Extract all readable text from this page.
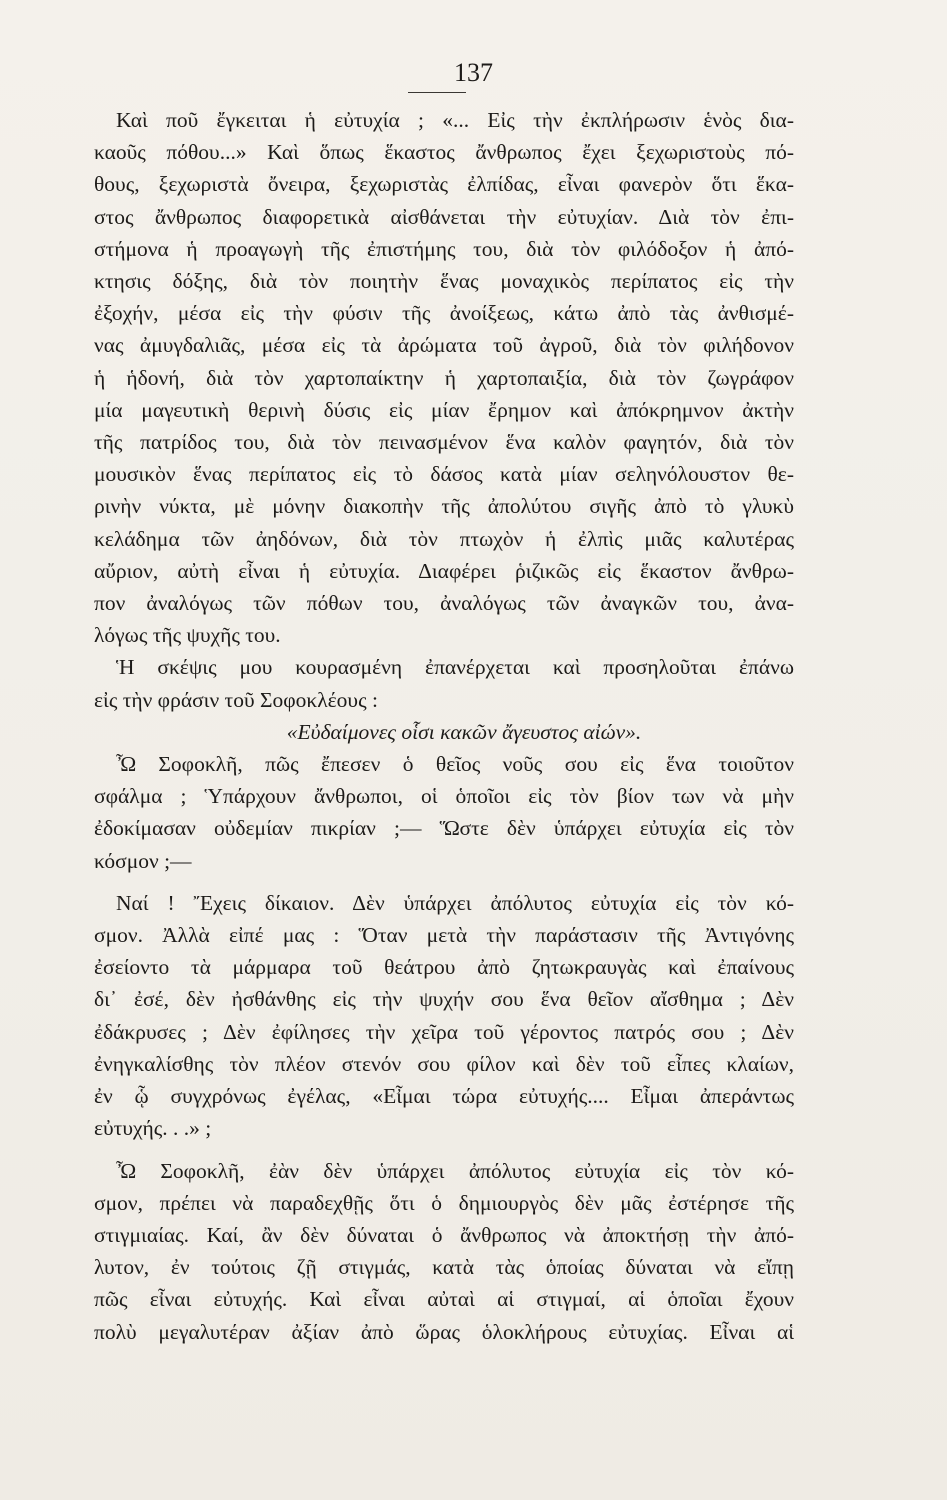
137
Καὶ ποῦ ἔγκειται ἡ εὐτυχία ; «... Εἰς τὴν ἐκπλήρωσιν ἑνὸς δια-
καοῦς πόθου...» Καὶ ὅπως ἕκαστος ἄνθρωπος ἔχει ξεχωριστοὺς πό-
θους, ξεχωριστὰ ὄνειρα, ξεχωριστὰς ἐλπίδας, εἶναι φανερὸν ὅτι ἕκα-
στος ἄνθρωπος διαφορετικὰ αἰσθάνεται τὴν εὐτυχίαν. Διὰ τὸν ἐπι-
στήμονα ἡ προαγωγὴ τῆς ἐπιστήμης του, διὰ τὸν φιλόδοξον ἡ ἀπό-
κτησις δόξης, διὰ τὸν ποιητὴν ἕνας μοναχικὸς περίπατος εἰς τὴν
ἐξοχήν, μέσα εἰς τὴν φύσιν τῆς ἀνοίξεως, κάτω ἀπὸ τὰς ἀνθισμέ-
νας ἀμυγδαλιᾶς, μέσα εἰς τὰ ἀρώματα τοῦ ἀγροῦ, διὰ τὸν φιλήδονον
ἡ ἡδονή, διὰ τὸν χαρτοπαίκτην ἡ χαρτοπαιξία, διὰ τὸν ζωγράφον
μία μαγευτικὴ θερινὴ δύσις εἰς μίαν ἔρημον καὶ ἀπόκρημνον ἀκτὴν
τῆς πατρίδος του, διὰ τὸν πεινασμένον ἕνα καλὸν φαγητόν, διὰ τὸν
μουσικὸν ἕνας περίπατος εἰς τὸ δάσος κατὰ μίαν σεληνόλουστον θε-
ρινὴν νύκτα, μὲ μόνην διακοπὴν τῆς ἀπολύτου σιγῆς ἀπὸ τὸ γλυκὺ
κελάδημα τῶν ἀηδόνων, διὰ τὸν πτωχὸν ἡ ἐλπὶς μιᾶς καλυτέρας
αὔριον, αὐτὴ εἶναι ἡ εὐτυχία. Διαφέρει ῥιζικῶς εἰς ἕκαστον ἄνθρω-
πον ἀναλόγως τῶν πόθων του, ἀναλόγως τῶν ἀναγκῶν του, ἀνα-
λόγως τῆς ψυχῆς του.
Ἡ σκέψις μου κουρασμένη ἐπανέρχεται καὶ προσηλοῦται ἐπάνω
εἰς τὴν φράσιν τοῦ Σοφοκλέους :
«Εὐδαίμονες οἷσι κακῶν ἄγευστος αἰών».
Ὦ Σοφοκλῆ, πῶς ἔπεσεν ὁ θεῖος νοῦς σου εἰς ἕνα τοιοῦτον
σφάλμα ; Ὑπάρχουν ἄνθρωποι, οἱ ὁποῖοι εἰς τὸν βίον των νὰ μὴν
ἐδοκίμασαν οὐδεμίαν πικρίαν ;— Ὥστε δὲν ὑπάρχει εὐτυχία εἰς τὸν
κόσμον ;—
Ναί ! Ἔχεις δίκαιον. Δὲν ὑπάρχει ἀπόλυτος εὐτυχία εἰς τὸν κό-
σμον. Ἀλλὰ εἰπέ μας : Ὅταν μετὰ τὴν παράστασιν τῆς Ἀντιγόνης
ἐσείοντο τὰ μάρμαρα τοῦ θεάτρου ἀπὸ ζητωκραυγὰς καὶ ἐπαίνους
δι᾽ ἐσέ, δὲν ἠσθάνθης εἰς τὴν ψυχήν σου ἕνα θεῖον αἴσθημα ; Δὲν
ἐδάκρυσες ; Δὲν ἐφίλησες τὴν χεῖρα τοῦ γέροντος πατρός σου ; Δὲν
ἐνηγκαλίσθης τὸν πλέον στενόν σου φίλον καὶ δὲν τοῦ εἶπες κλαίων,
ἐν ᾧ συγχρόνως ἐγέλας, «Εἶμαι τώρα εὐτυχής.... Εἶμαι ἀπεράντως
εὐτυχής. . .» ;
Ὦ Σοφοκλῆ, ἐὰν δὲν ὑπάρχει ἀπόλυτος εὐτυχία εἰς τὸν κό-
σμον, πρέπει νὰ παραδεχθῇς ὅτι ὁ δημιουργὸς δὲν μᾶς ἐστέρησε τῆς
στιγμιαίας. Καί, ἂν δὲν δύναται ὁ ἄνθρωπος νὰ ἀποκτήσῃ τὴν ἀπό-
λυτον, ἐν τούτοις ζῇ στιγμάς, κατὰ τὰς ὁποίας δύναται νὰ εἴπῃ
πῶς εἶναι εὐτυχής. Καὶ εἶναι αὐταὶ αἱ στιγμαί, αἱ ὁποῖαι ἔχουν
πολὺ μεγαλυτέραν ἀξίαν ἀπὸ ὥρας ὁλοκλήρους εὐτυχίας. Εἶναι αἱ
